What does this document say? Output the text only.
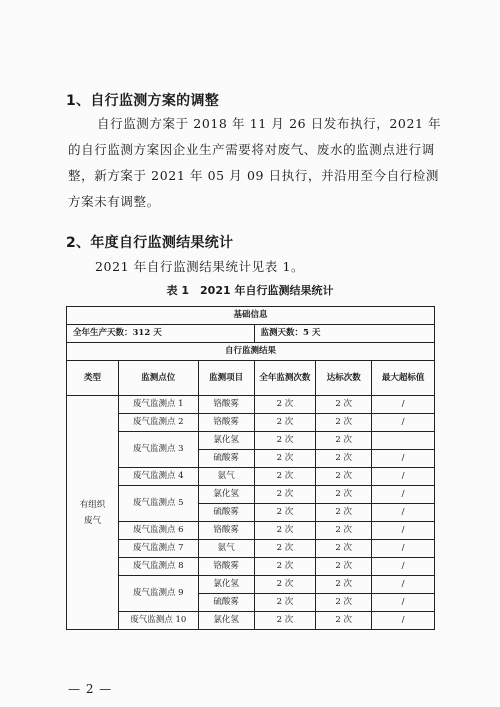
1、自行监测方案的调整
自行监测方案于 2018 年 11 月 26 日发布执行，2021 年的自行监测方案因企业生产需要将对废气、废水的监测点进行调整，新方案于 2021 年 05 月 09 日执行，并沿用至今自行检测方案未有调整。
2、年度自行监测结果统计
2021 年自行监测结果统计见表 1。
表 1　2021 年自行监测结果统计
基础信息					
全年生产天数：312 天			监测天数：5 天		
自行监测结果					
类型	监测点位	监测项目	全年监测次数	达标次数	最大超标值
有组织废气	废气监测点 1	铬酸雾	2 次	2 次	/
	废气监测点 2	铬酸雾	2 次	2 次	/
	废气监测点 3	氯化氢	2 次	2 次	
		硫酸雾	2 次	2 次	/
	废气监测点 4	氨气	2 次	2 次	/
	废气监测点 5	氯化氢	2 次	2 次	/
		硫酸雾	2 次	2 次	/
	废气监测点 6	铬酸雾	2 次	2 次	/
	废气监测点 7	氨气	2 次	2 次	/
	废气监测点 8	铬酸雾	2 次	2 次	/
	废气监测点 9	氯化氢	2 次	2 次	/
		硫酸雾	2 次	2 次	/
	废气监测点 10	氯化氢	2 次	2 次	/
— 2 —
